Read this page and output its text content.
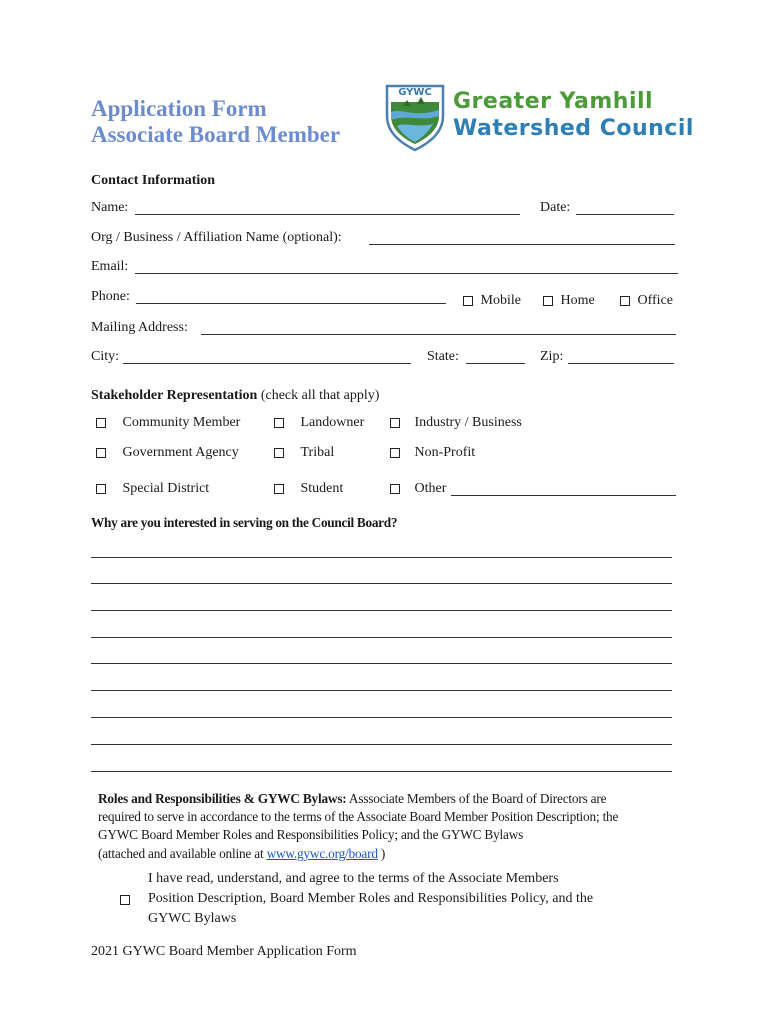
Application Form
Associate Board Member
GYWC Greater Yamhill
Watershed Council
Contact Information
Name:	Date:
Org / Business / Affiliation Name (optional):
Email:
Phone:	Mobile	Home	Office
Mailing Address:
City:	State:	Zip:
Stakeholder Representation (check all that apply)
Community Member	Landowner	Industry / Business
Government Agency	Tribal	Non-Profit
Special District	Student	Other
Why are you interested in serving on the Council Board?
Roles and Responsibilities & GYWC Bylaws: Asssociate Members of the Board of Directors are
required to serve in accordance to the terms of the Associate Board Member Position Description; the
GYWC Board Member Roles and Responsibilities Policy; and the GYWC Bylaws
(attached and available online at www.gywc.org/board )
I have read, understand, and agree to the terms of the Associate Members
Position Description, Board Member Roles and Responsibilities Policy, and the
GYWC Bylaws
2021 GYWC Board Member Application Form
